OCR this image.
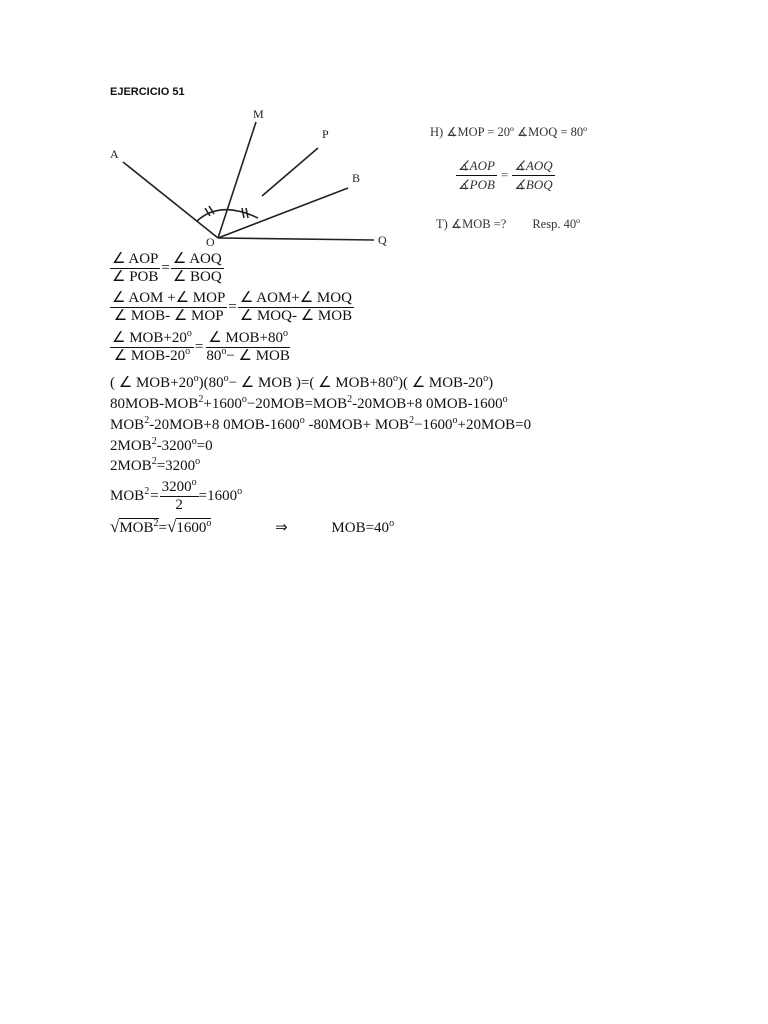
EJERCICIO 51
A
M
P
B
O	Q
H) ∡MOP = 20º ∡MOQ = 80º
$\frac{\text{∡AOP}}{\text{∡POB}} = \frac{\text{∡AOQ}}{\text{∡BOQ}}$
T) ∡MOB =? Resp. 40º
$\frac{\text{∠ AOP}}{\text{∠ POB}} = \frac{\text{∠ AOQ}}{\text{∠ BOQ}}$
$\frac{\text{∠ AOM +∠ MOP}}{\text{∠ MOB- ∠ MOP}} = \frac{\text{∠ AOM+∠ MOQ}}{\text{∠ MOQ- ∠ MOB}}$
$\frac{\angle MOB+20^o}{\angle MOB-20^o} = \frac{\angle MOB+80^o}{80^o- \angle MOB}$
( ∠ $MOB+20^o)(80^o-$ ∠ MOB )=( ∠ $MOB+80^o$)( ∠ MOB-20$^o$)
$80MOB-MOB^2+1600^o-20MOB=MOB^2-20MOB+8$ 0MOB-1600$^o$
$MOB^2-20MOB+8$ 0MOB-1600$^o$ $-80MOB+ MOB^2-1600^o+20MOB=0$
$2MOB^2-3200^o=0$
$2MOB^2=3200^o$
$MOB^2= \frac{3200^o}{2} =1600^o$
$√MOB^2=√1600^o$	⇒	$MOB=40^o$
